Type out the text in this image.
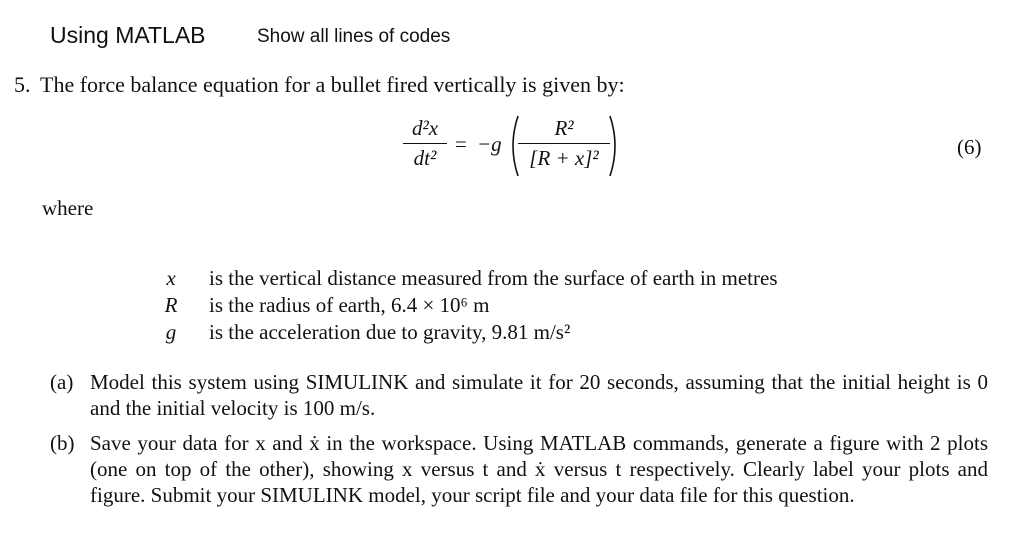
Using MATLAB	Show all lines of codes
5. The force balance equation for a bullet fired vertically is given by:
$\frac{\text{d²x}}{\text{dt²}} = -g \frac{\text{R²}}{\text{[R + x]²}}$	(6)
where
x	is the vertical distance measured from the surface of earth in metres
R is the radius of earth, 6.4 × 10⁶ m
g is the acceleration due to gravity, 9.81 m/s²
(a) Model this system using SIMULINK and simulate it for 20 seconds, assuming that the initial height is 0 and the initial velocity is 100 m/s.
(b) Save your data for x and ẋ in the workspace. Using MATLAB commands, generate a figure with 2 plots (one on top of the other), showing x versus t and ẋ versus t respectively. Clearly label your plots and figure. Submit your SIMULINK model, your script file and your data file for this question.
